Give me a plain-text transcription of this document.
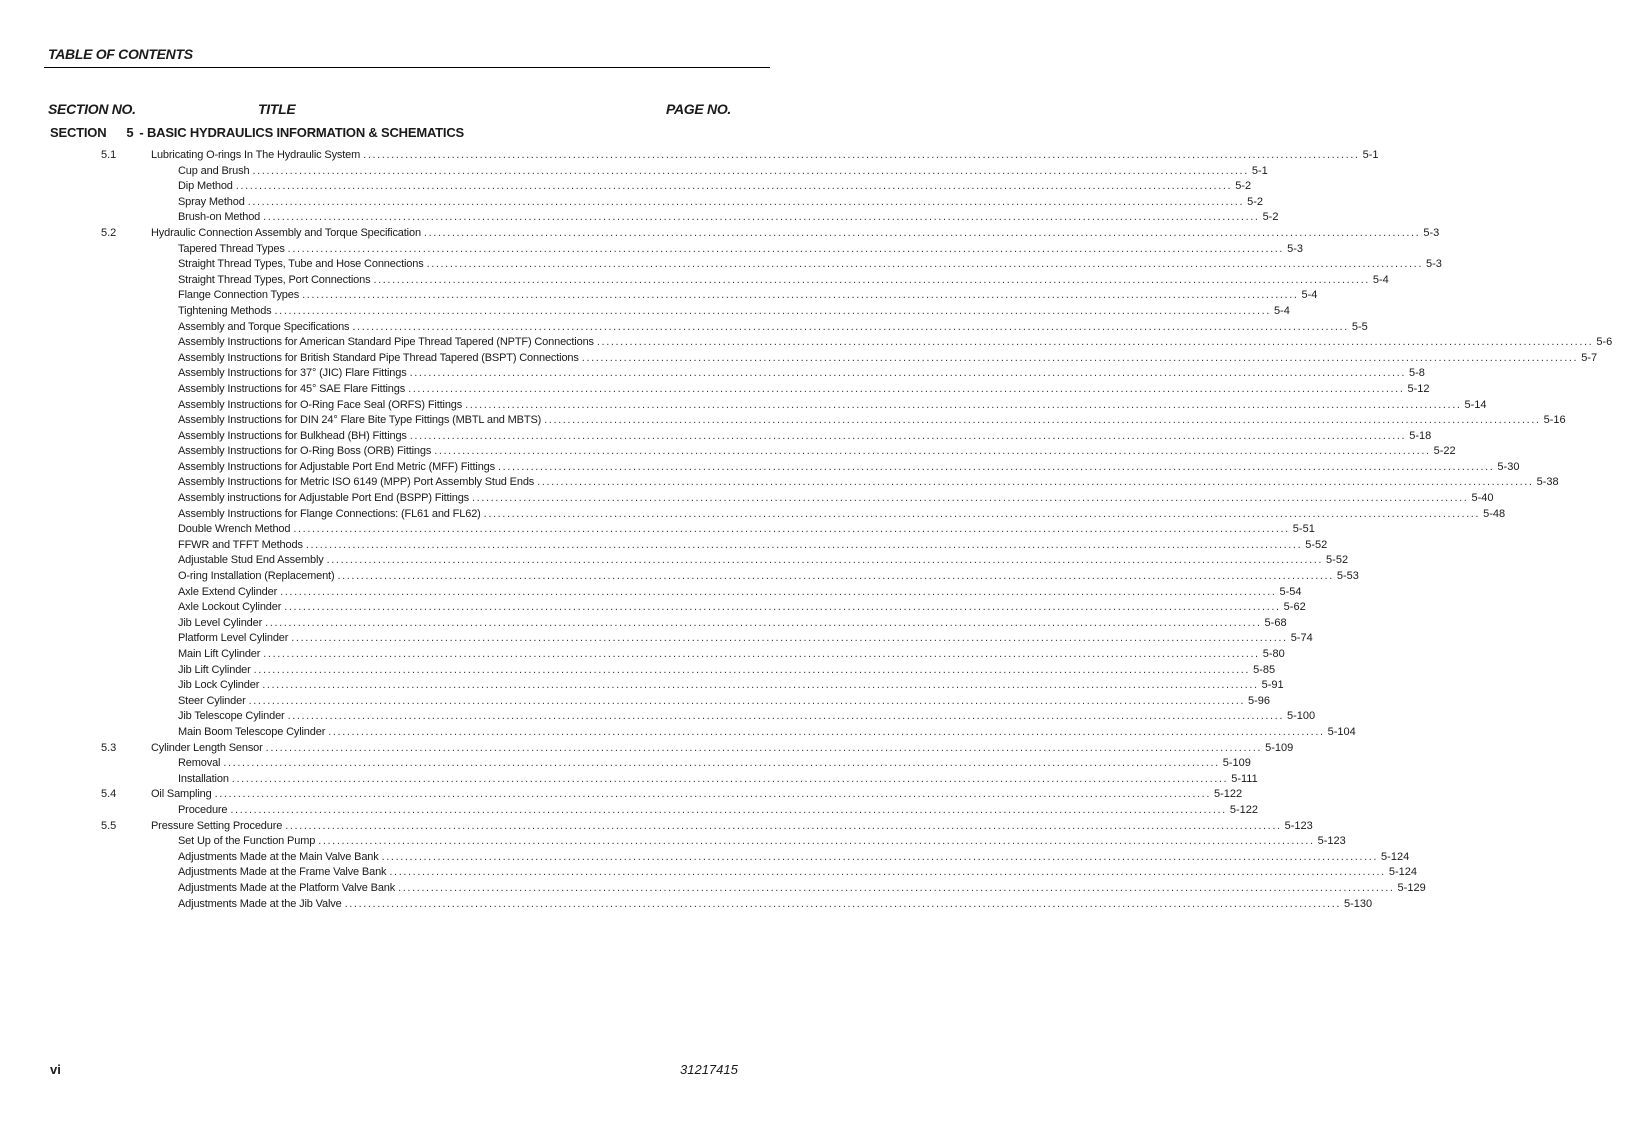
TABLE OF CONTENTS
SECTION NO.	TITLE	PAGE NO.
SECTION 5 - BASIC HYDRAULICS INFORMATION & SCHEMATICS
5.1	Lubricating O-rings In The Hydraulic System ...................................................................................................................................................................................................................... 5-1
Cup and Brush ...................................................................................................................................................................................................................... 5-1
Dip Method ...................................................................................................................................................................................................................... 5-2
Spray Method ...................................................................................................................................................................................................................... 5-2
Brush-on Method ...................................................................................................................................................................................................................... 5-2
5.2	Hydraulic Connection Assembly and Torque Specification ...................................................................................................................................................................................................................... 5-3
Tapered Thread Types ...................................................................................................................................................................................................................... 5-3
Straight Thread Types, Tube and Hose Connections ...................................................................................................................................................................................................................... 5-3
Straight Thread Types, Port Connections ...................................................................................................................................................................................................................... 5-4
Flange Connection Types ...................................................................................................................................................................................................................... 5-4
Tightening Methods ...................................................................................................................................................................................................................... 5-4
Assembly and Torque Specifications ...................................................................................................................................................................................................................... 5-5
Assembly Instructions for American Standard Pipe Thread Tapered (NPTF) Connections ...................................................................................................................................................................................................................... 5-6
Assembly Instructions for British Standard Pipe Thread Tapered (BSPT) Connections ...................................................................................................................................................................................................................... 5-7
Assembly Instructions for 37° (JIC) Flare Fittings ...................................................................................................................................................................................................................... 5-8
Assembly Instructions for 45° SAE Flare Fittings ...................................................................................................................................................................................................................... 5-12
Assembly Instructions for O-Ring Face Seal (ORFS) Fittings ...................................................................................................................................................................................................................... 5-14
Assembly Instructions for DIN 24° Flare Bite Type Fittings (MBTL and MBTS) ...................................................................................................................................................................................................................... 5-16
Assembly Instructions for Bulkhead (BH) Fittings ...................................................................................................................................................................................................................... 5-18
Assembly Instructions for O-Ring Boss (ORB) Fittings ...................................................................................................................................................................................................................... 5-22
Assembly Instructions for Adjustable Port End Metric (MFF) Fittings ...................................................................................................................................................................................................................... 5-30
Assembly Instructions for Metric ISO 6149 (MPP) Port Assembly Stud Ends ...................................................................................................................................................................................................................... 5-38
Assembly instructions for Adjustable Port End (BSPP) Fittings ...................................................................................................................................................................................................................... 5-40
Assembly Instructions for Flange Connections: (FL61 and FL62) ...................................................................................................................................................................................................................... 5-48
Double Wrench Method ...................................................................................................................................................................................................................... 5-51
FFWR and TFFT Methods ...................................................................................................................................................................................................................... 5-52
Adjustable Stud End Assembly ...................................................................................................................................................................................................................... 5-52
O-ring Installation (Replacement) ...................................................................................................................................................................................................................... 5-53
Axle Extend Cylinder ...................................................................................................................................................................................................................... 5-54
Axle Lockout Cylinder ...................................................................................................................................................................................................................... 5-62
Jib Level Cylinder ...................................................................................................................................................................................................................... 5-68
Platform Level Cylinder ...................................................................................................................................................................................................................... 5-74
Main Lift Cylinder ...................................................................................................................................................................................................................... 5-80
Jib Lift Cylinder ...................................................................................................................................................................................................................... 5-85
Jib Lock Cylinder ...................................................................................................................................................................................................................... 5-91
Steer Cylinder ...................................................................................................................................................................................................................... 5-96
Jib Telescope Cylinder ...................................................................................................................................................................................................................... 5-100
Main Boom Telescope Cylinder ...................................................................................................................................................................................................................... 5-104
5.3	Cylinder Length Sensor ...................................................................................................................................................................................................................... 5-109
Removal ...................................................................................................................................................................................................................... 5-109
Installation ...................................................................................................................................................................................................................... 5-111
5.4	Oil Sampling ...................................................................................................................................................................................................................... 5-122
Procedure ...................................................................................................................................................................................................................... 5-122
5.5	Pressure Setting Procedure ...................................................................................................................................................................................................................... 5-123
Set Up of the Function Pump ...................................................................................................................................................................................................................... 5-123
Adjustments Made at the Main Valve Bank ...................................................................................................................................................................................................................... 5-124
Adjustments Made at the Frame Valve Bank ...................................................................................................................................................................................................................... 5-124
Adjustments Made at the Platform Valve Bank ...................................................................................................................................................................................................................... 5-129
Adjustments Made at the Jib Valve ...................................................................................................................................................................................................................... 5-130
vi	31217415
